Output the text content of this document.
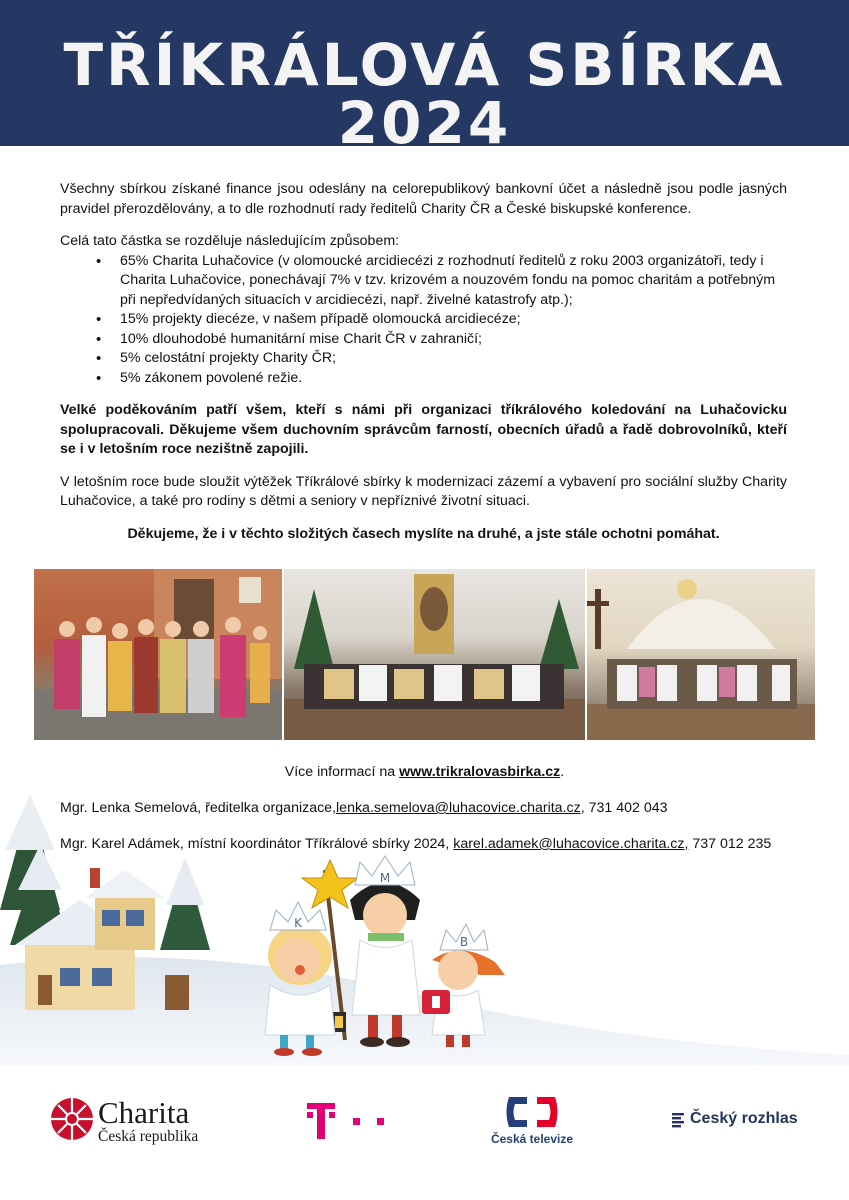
TŘÍKRÁLOVÁ SBÍRKA 2024

Všechny sbírkou získané finance jsou odeslány na celorepublikový bankovní účet a následně jsou podle jasných pravidel přerozdělovány, a to dle rozhodnutí rady ředitelů Charity ČR a České biskupské konference.

Celá tato částka se rozděluje následujícím způsobem:

• 65% Charita Luhačovice (v olomoucké arcidiecézi z rozhodnutí ředitelů z roku 2003 organizátoři, tedy i Charita Luhačovice, ponechávají 7% v tzv. krizovém a nouzovém fondu na pomoc charitám a potřebným při nepředvídaných situacích v arcidiecézi, např. živelné katastrofy atp.);
• 15% projekty diecéze, v našem případě olomoucká arcidiecéze;
• 10% dlouhodobé humanitární mise Charit ČR v zahraničí;
• 5% celostátní projekty Charity ČR;
• 5% zákonem povolené režie.

Velké poděkováním patří všem, kteří s námi při organizaci tříkrálového koledování na Luhačovicku spolupracovali. Děkujeme všem duchovním správcům farností, obecních úřadů a řadě dobrovolníků, kteří se i v letošním roce nezištně zapojili.

V letošním roce bude sloužit výtěžek Tříkrálové sbírky k modernizaci zázemí a vybavení pro sociální služby Charity Luhačovice, a také pro rodiny s dětmi a seniory v nepříznivé životní situaci.

Děkujeme, že i v těchto složitých časech myslíte na druhé, a jste stále ochotni pomáhat.

Více informací na www.trikralovasbirka.cz.
K
M
B
Mgr. Lenka Semelová, ředitelka organizace,lenka.semelova@luhacovice.charita.cz, 731 402 043
Mgr. Karel Adámek, místní koordinátor Tříkrálové sbírky 2024, karel.adamek@luhacovice.charita.cz, 737 012 235
Charita
Česká republika	Česká televize
Český rozhlas
